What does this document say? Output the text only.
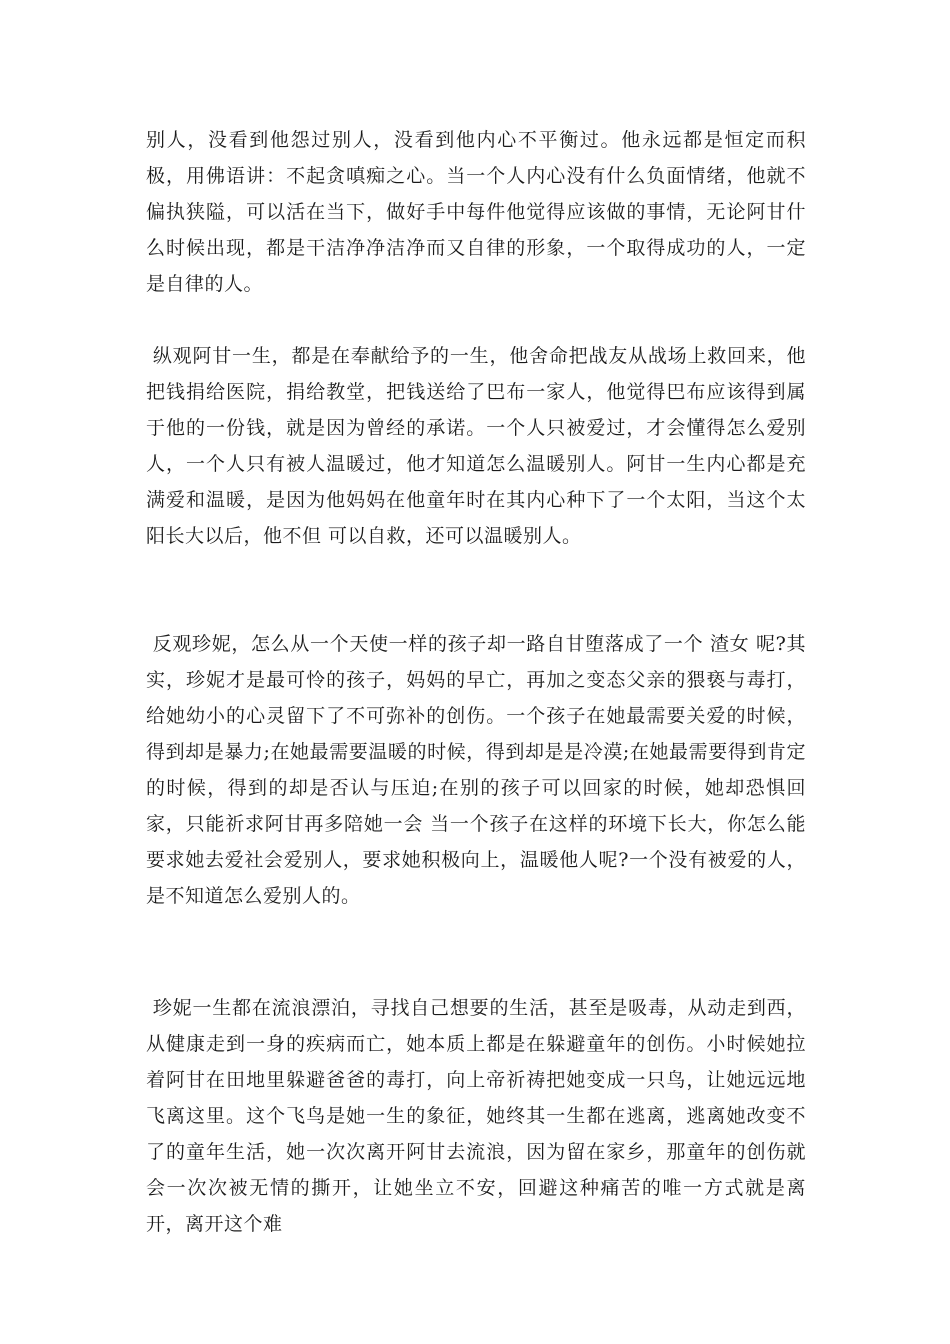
别人，没看到他怨过别人，没看到他内心不平衡过。他永远都是恒定而积极，用佛语讲：不起贪嗔痴之心。当一个人内心没有什么负面情绪，他就不偏执狭隘，可以活在当下，做好手中每件他觉得应该做的事情，无论阿甘什么时候出现，都是干洁净净洁净而又自律的形象，一个取得成功的人，一定是自律的人。

纵观阿甘一生，都是在奉献给予的一生，他舍命把战友从战场上救回来，他把钱捐给医院，捐给教堂，把钱送给了巴布一家人，他觉得巴布应该得到属于他的一份钱，就是因为曾经的承诺。一个人只被爱过，才会懂得怎么爱别人，一个人只有被人温暖过，他才知道怎么温暖别人。阿甘一生内心都是充满爱和温暖，是因为他妈妈在他童年时在其内心种下了一个太阳，当这个太阳长大以后，他不但 可以自救，还可以温暖别人。

反观珍妮，怎么从一个天使一样的孩子却一路自甘堕落成了一个 渣女 呢?其实，珍妮才是最可怜的孩子，妈妈的早亡，再加之变态父亲的猥亵与毒打，给她幼小的心灵留下了不可弥补的创伤。一个孩子在她最需要关爱的时候，得到却是暴力;在她最需要温暖的时候，得到却是是冷漠;在她最需要得到肯定的时候，得到的却是否认与压迫;在别的孩子可以回家的时候，她却恐惧回家，只能祈求阿甘再多陪她一会 当一个孩子在这样的环境下长大，你怎么能要求她去爱社会爱别人，要求她积极向上，温暖他人呢?一个没有被爱的人，是不知道怎么爱别人的。

珍妮一生都在流浪漂泊，寻找自己想要的生活，甚至是吸毒，从动走到西，从健康走到一身的疾病而亡，她本质上都是在躲避童年的创伤。小时候她拉着阿甘在田地里躲避爸爸的毒打，向上帝祈祷把她变成一只鸟，让她远远地飞离这里。这个飞鸟是她一生的象征，她终其一生都在逃离，逃离她改变不了的童年生活，她一次次离开阿甘去流浪，因为留在家乡，那童年的创伤就会一次次被无情的撕开，让她坐立不安，回避这种痛苦的唯一方式就是离开，离开这个难
